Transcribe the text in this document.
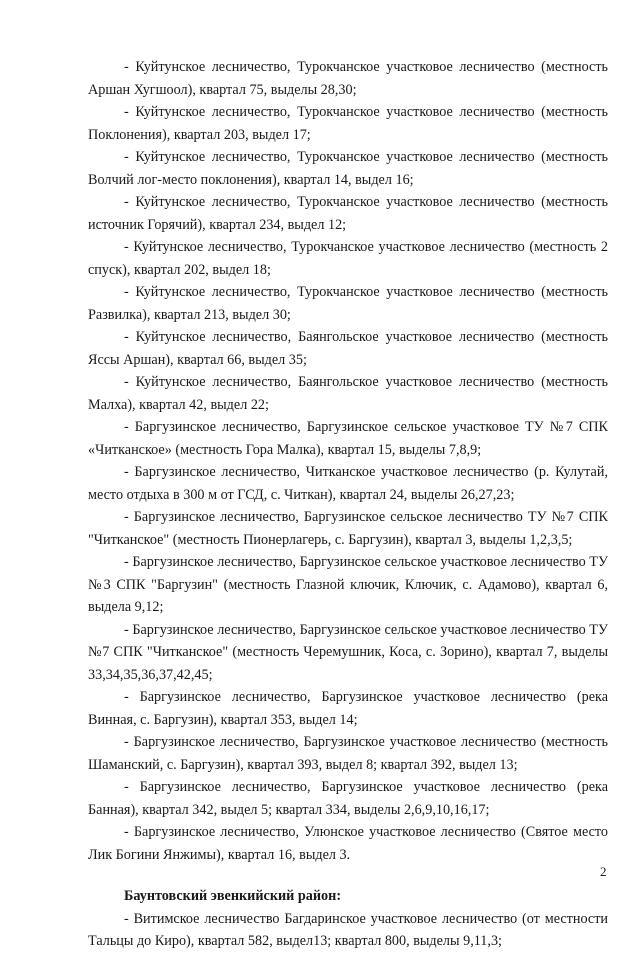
- Куйтунское лесничество, Турокчанское участковое лесничество (местность Аршан Хугшоол), квартал 75, выделы 28,30;

- Куйтунское лесничество, Турокчанское участковое лесничество (местность Поклонения), квартал 203, выдел 17;

- Куйтунское лесничество, Турокчанское участковое лесничество (местность Волчий лог-место поклонения), квартал 14, выдел 16;

- Куйтунское лесничество, Турокчанское участковое лесничество (местность источник Горячий), квартал 234, выдел 12;

- Куйтунское лесничество, Турокчанское участковое лесничество (местность 2 спуск), квартал 202, выдел 18;

- Куйтунское лесничество, Турокчанское участковое лесничество (местность Развилка), квартал 213, выдел 30;

- Куйтунское лесничество, Баянгольское участковое лесничество (местность Яссы Аршан), квартал 66, выдел 35;

- Куйтунское лесничество, Баянгольское участковое лесничество (местность Малха), квартал 42, выдел 22;

- Баргузинское лесничество, Баргузинское сельское участковое ТУ №7 СПК «Читканское» (местность Гора Малка), квартал 15, выделы 7,8,9;

- Баргузинское лесничество, Читканское участковое лесничество (р. Кулутай, место отдыха в 300 м от ГСД, с. Читкан), квартал 24, выделы 26,27,23;

- Баргузинское лесничество, Баргузинское сельское лесничество ТУ №7 СПК "Читканское" (местность Пионерлагерь, с. Баргузин), квартал 3, выделы 1,2,3,5;

- Баргузинское лесничество, Баргузинское сельское участковое лесничество ТУ №3 СПК "Баргузин" (местность Глазной ключик, Ключик, с. Адамово), квартал 6, выдела 9,12;

- Баргузинское лесничество, Баргузинское сельское участковое лесничество ТУ №7 СПК "Читканское" (местность Черемушник, Коса, с. Зорино), квартал 7, выделы 33,34,35,36,37,42,45;

- Баргузинское лесничество, Баргузинское участковое лесничество (река Винная, с. Баргузин), квартал 353, выдел 14;

- Баргузинское лесничество, Баргузинское участковое лесничество (местность Шаманский, с. Баргузин), квартал 393, выдел 8; квартал 392, выдел 13;

- Баргузинское лесничество, Баргузинское участковое лесничество (река Банная), квартал 342, выдел 5; квартал 334, выделы 2,6,9,10,16,17;

- Баргузинское лесничество, Улюнское участковое лесничество (Святое место Лик Богини Янжимы), квартал 16, выдел 3.

Баунтовский эвенкийский район:

- Витимское лесничество Багдаринское участковое лесничество (от местности Тальцы до Киро), квартал 582, выдел13; квартал 800, выделы 9,11,3;

2
